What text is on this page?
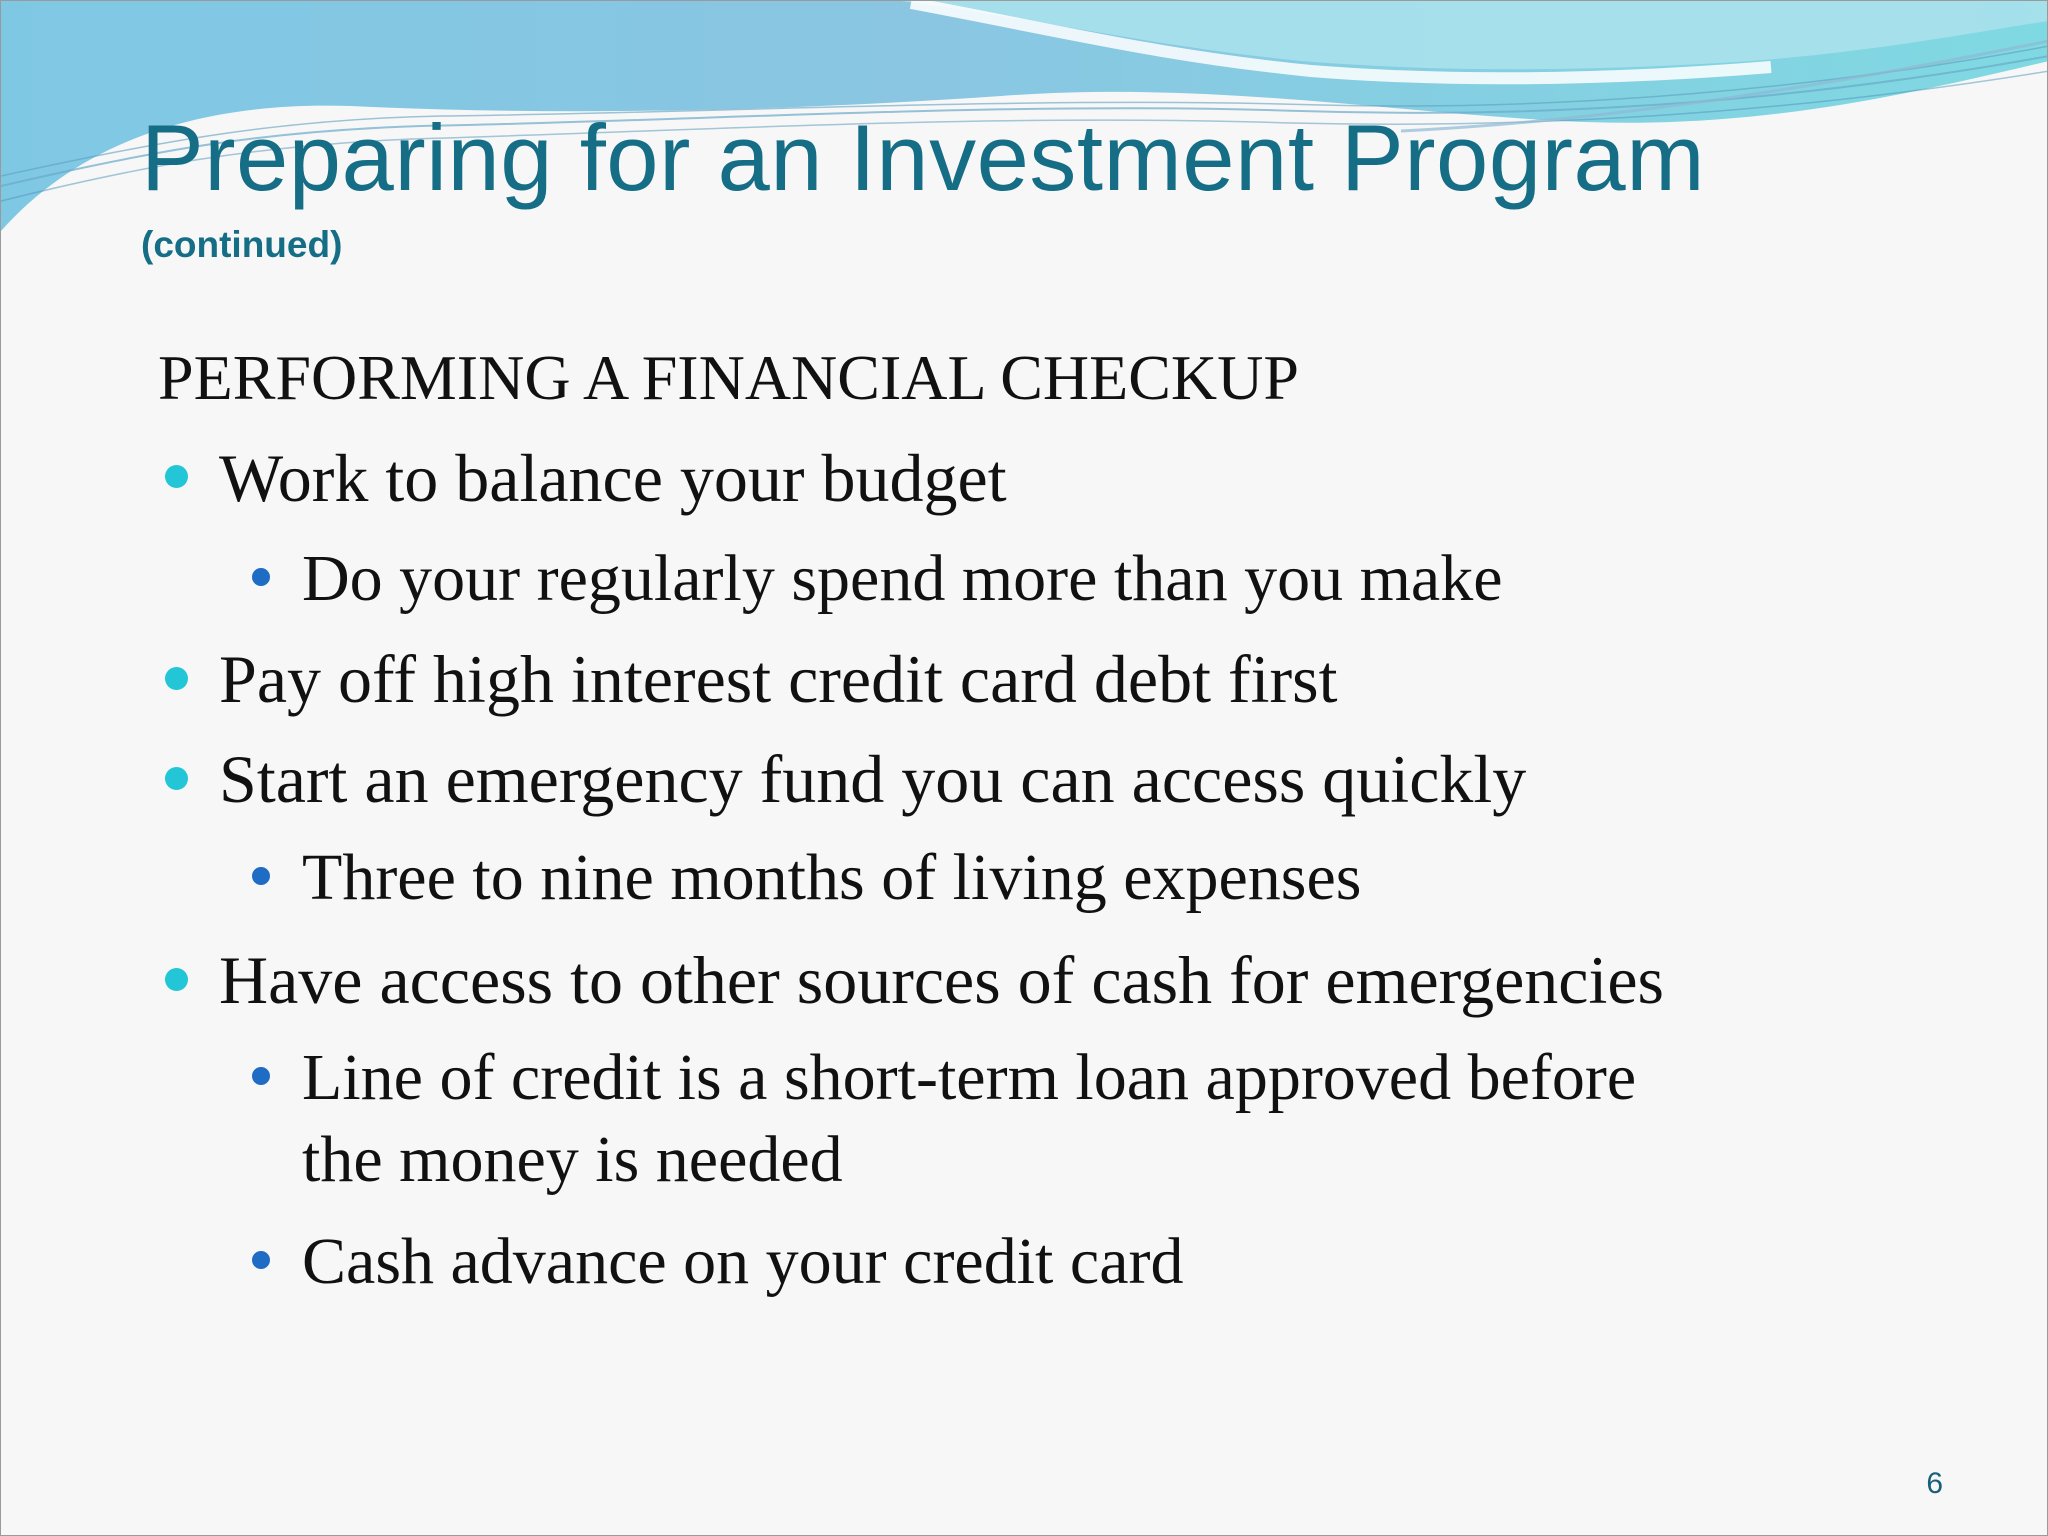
Preparing for an Investment Program
(continued)
PERFORMING A FINANCIAL CHECKUP
Work to balance your budget
Do your regularly spend more than you make
Pay off high interest credit card debt first
Start an emergency fund you can access quickly
Three to nine months of living expenses
Have access to other sources of cash for emergencies
Line of credit is a short-term loan approved before
the money is needed
Cash advance on your credit card
6
